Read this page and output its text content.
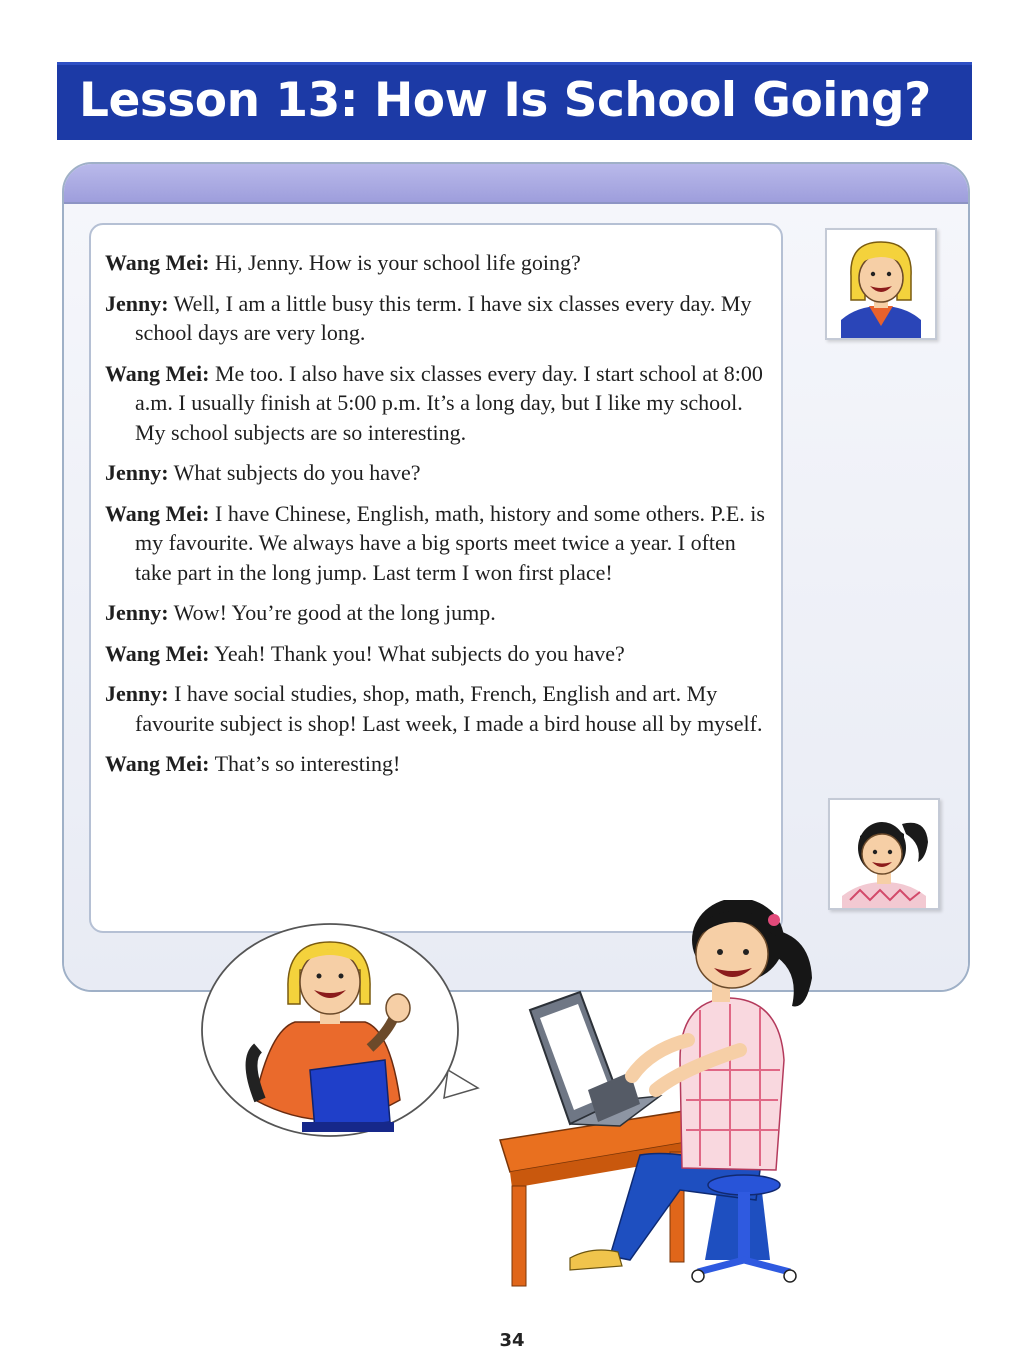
Lesson 13: How Is School Going?

Wang Mei: Hi, Jenny. How is your school life going?

Jenny: Well, I am a little busy this term. I have six classes every day. My school days are very long.

Wang Mei: Me too. I also have six classes every day. I start school at 8:00 a.m. I usually finish at 5:00 p.m. It’s a long day, but I like my school. My school subjects are so interesting.

Jenny: What subjects do you have?

Wang Mei: I have Chinese, English, math, history and some others. P.E. is my favourite. We always have a big sports meet twice a year. I often take part in the long jump. Last term I won first place!

Jenny: Wow! You’re good at the long jump.

Wang Mei: Yeah! Thank you! What subjects do you have?

Jenny: I have social studies, shop, math, French, English and art. My favourite subject is shop! Last week, I made a bird house all by myself.

Wang Mei: That’s so interesting!

34
